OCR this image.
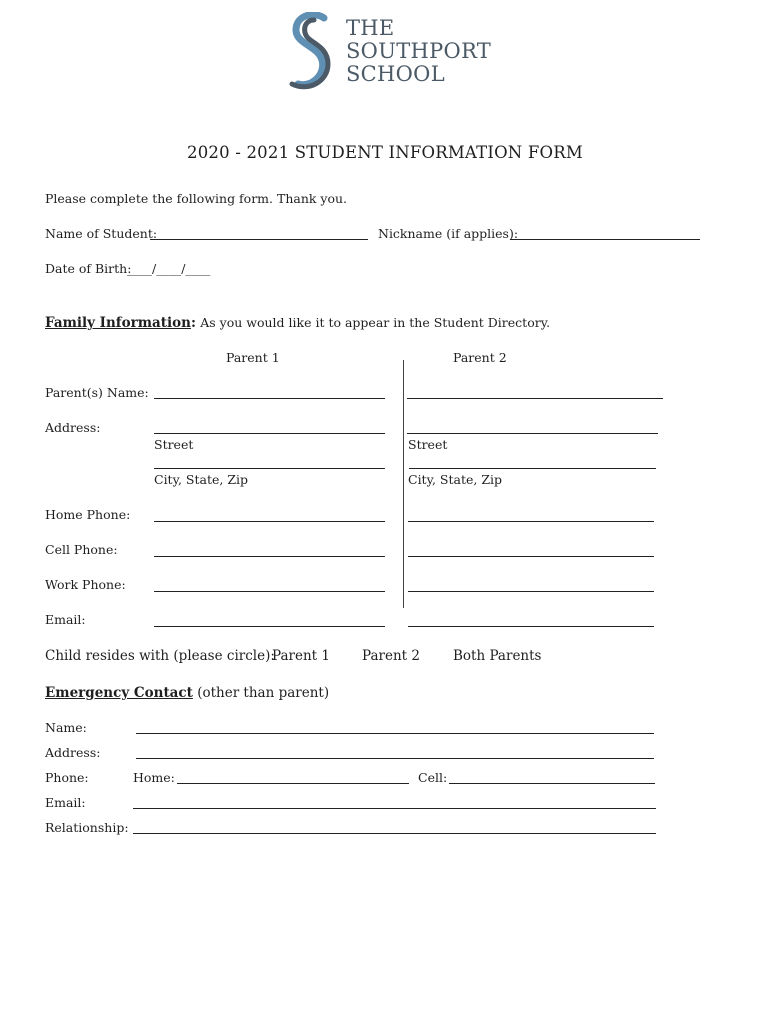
THE
SOUTHPORT
SCHOOL
2020 - 2021 STUDENT INFORMATION FORM
Please complete the following form. Thank you.
Name of Student:	Nickname (if applies):
Date of Birth:
____/____/____
Family Information: As you would like it to appear in the Student Directory.
Parent 1	Parent 2
Parent(s) Name:
Address:
Street	Street
City, State, Zip	City, State, Zip
Home Phone:
Cell Phone:
Work Phone:
Email:
Child resides with (please circle):
Parent 1 Parent 2 Both Parents
Emergency Contact (other than parent)
Name:
Address:
Phone:	Home:	Cell:
Email:
Relationship:
